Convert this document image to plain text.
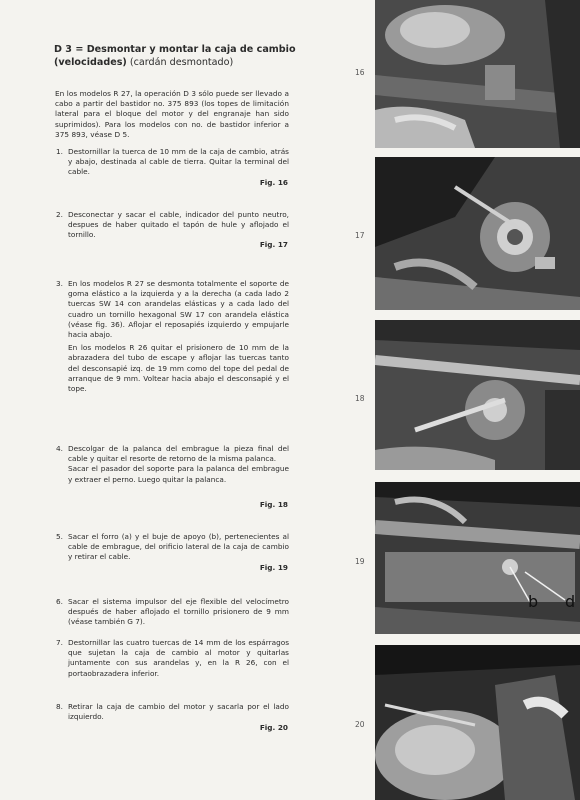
D 3 = Desmontar y montar la caja de cambio
(velocidades) (cardán desmontado)
En los modelos R 27, la operación D 3 sólo puede ser llevado a cabo a partir del bastidor no. 375 893 (los topes de limitación lateral para el bloque del motor y del engranaje han sido suprimidos). Para los modelos con no. de bastidor inferior a 375 893, véase D 5.
1. Destornillar la tuerca de 10 mm de la caja de cambio, atrás y abajo, destinada al cable de tierra. Quitar la terminal del cable.
Fig. 16
2. Desconectar y sacar el cable, indicador del punto neutro, despues de haber quitado el tapón de hule y aflojado el tornillo.
Fig. 17
3. En los modelos R 27 se desmonta totalmente el soporte de goma elástico a la izquierda y a la derecha (a cada lado 2 tuercas SW 14 con arandelas elásticas y a cada lado del cuadro un tornillo hexagonal SW 17 con arandela elástica (véase fig. 36). Aflojar el reposapiés izquierdo y empujarle hacia abajo.
En los modelos R 26 quitar el prisionero de 10 mm de la abrazadera del tubo de escape y aflojar las tuercas tanto del desconsapié izq. de 19 mm como del tope del pedal de arranque de 9 mm. Voltear hacia abajo el desconsapié y el tope.
4. Descolgar de la palanca del embrague la pieza final del cable y quitar el resorte de retorno de la misma palanca.
Sacar el pasador del soporte para la palanca del embrague y extraer el perno. Luego quitar la palanca.
Fig. 18
5. Sacar el forro (a) y el buje de apoyo (b), pertenecientes al cable de embrague, del orificio lateral de la caja de cambio y retirar el cable.
Fig. 19
6. Sacar el sistema impulsor del eje flexible del velocímetro después de haber aflojado el tornillo prisionero de 9 mm (véase también G 7).
7. Destornillar las cuatro tuercas de 14 mm de los espárragos que sujetan la caja de cambio al motor y quitarlas juntamente con sus arandelas y, en la R 26, con el portaobrazadera inferior.
8. Retirar la caja de cambio del motor y sacarla por el lado izquierdo.
Fig. 20
16
17
18
19
20
b d
